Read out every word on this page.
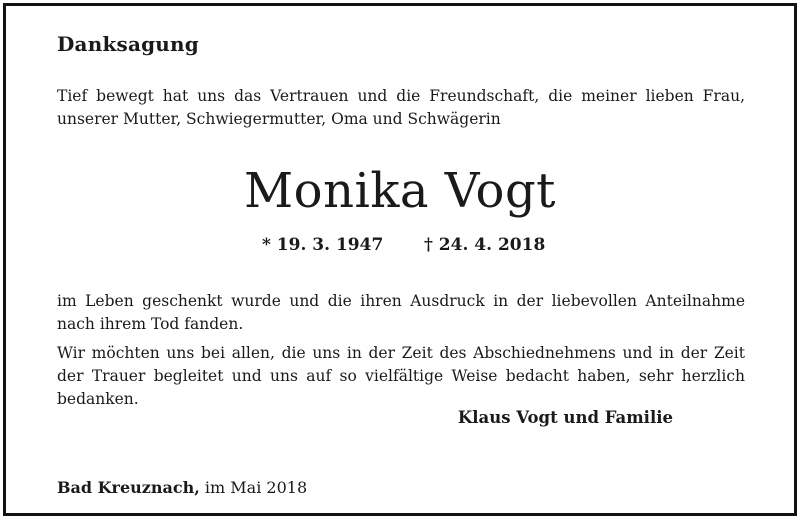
Danksagung
Tief bewegt hat uns das Vertrauen und die Freundschaft, die meiner lieben Frau, unserer Mutter, Schwiegermutter, Oma und Schwägerin
Monika Vogt
* 19. 3. 1947 † 24. 4. 2018
im Leben geschenkt wurde und die ihren Ausdruck in der liebevollen Anteilnahme nach ihrem Tod fanden.
Wir möchten uns bei allen, die uns in der Zeit des Abschiednehmens und in der Zeit der Trauer begleitet und uns auf so vielfältige Weise bedacht haben, sehr herzlich bedanken.
Klaus Vogt und Familie
Bad Kreuznach, im Mai 2018
